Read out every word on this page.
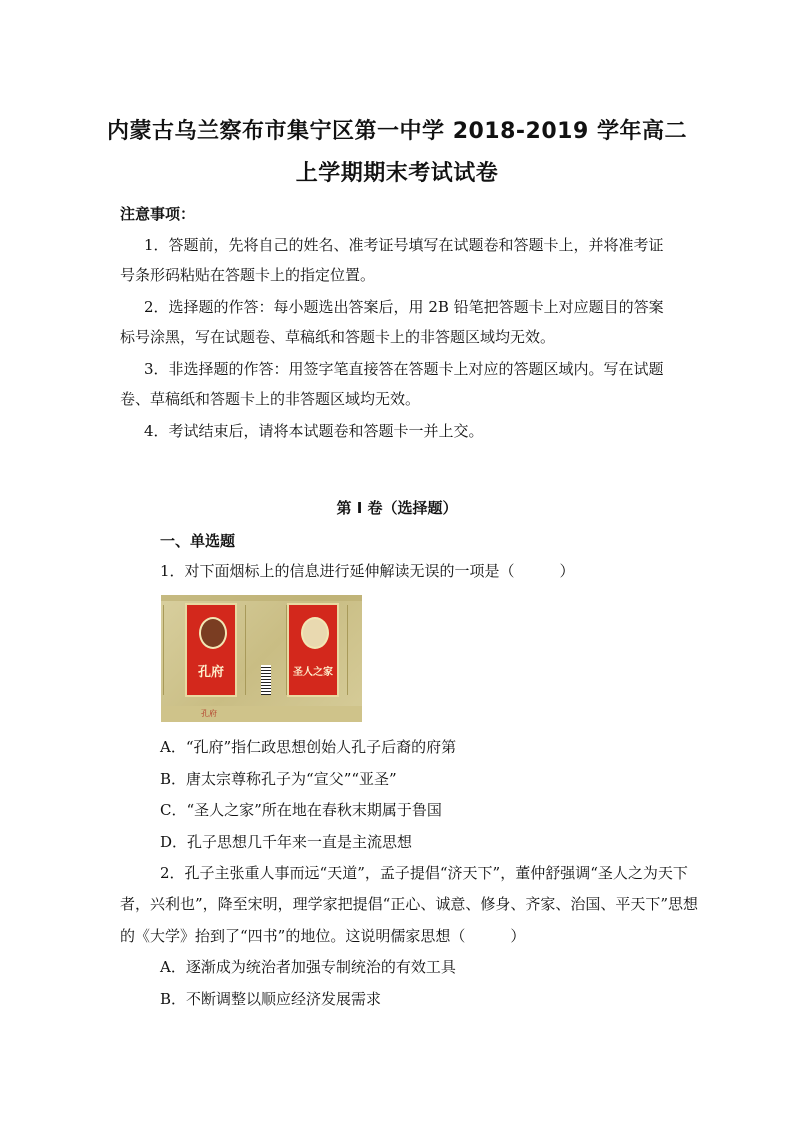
内蒙古乌兰察布市集宁区第一中学 2018-2019 学年高二
上学期期末考试试卷
注意事项：
1．答题前，先将自己的姓名、准考证号填写在试题卷和答题卡上，并将准考证
号条形码粘贴在答题卡上的指定位置。
2．选择题的作答：每小题选出答案后，用 2B 铅笔把答题卡上对应题目的答案
标号涂黑，写在试题卷、草稿纸和答题卡上的非答题区域均无效。
3．非选择题的作答：用签字笔直接答在答题卡上对应的答题区域内。写在试题
卷、草稿纸和答题卡上的非答题区域均无效。
4．考试结束后，请将本试题卷和答题卡一并上交。
第 I 卷（选择题）
一、单选题
1．对下面烟标上的信息进行延伸解读无误的一项是（　　　）
孔府	圣人之家
孔府
A．“孔府”指仁政思想创始人孔子后裔的府第
B．唐太宗尊称孔子为“宣父”“亚圣”
C．“圣人之家”所在地在春秋末期属于鲁国
D．孔子思想几千年来一直是主流思想
2．孔子主张重人事而远“天道”，孟子提倡“济天下”，董仲舒强调“圣人之为天下
者，兴利也”，降至宋明，理学家把提倡“正心、诚意、修身、齐家、治国、平天下”思想
的《大学》抬到了“四书”的地位。这说明儒家思想（　　　）
A．逐渐成为统治者加强专制统治的有效工具
B．不断调整以顺应经济发展需求
